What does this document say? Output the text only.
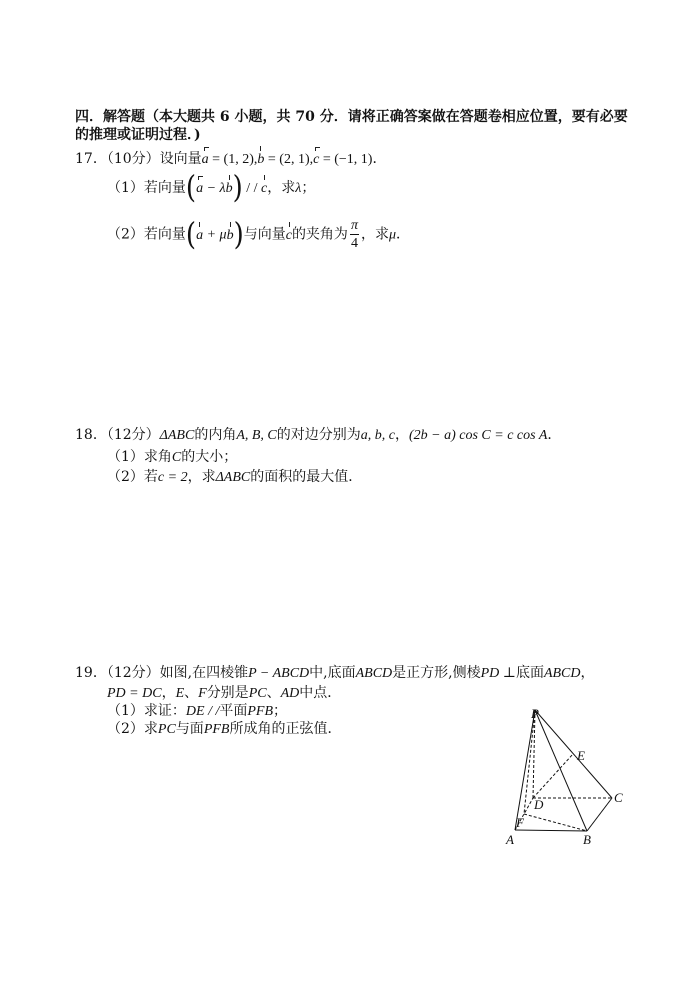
四．解答题（本大题共 6 小题，共 70 分．请将正确答案做在答题卷相应位置，要有必要
的推理或证明过程．)
17．（10分）设向量a = (1, 2),b = (2, 1),c = (−1, 1)．
（1）若向量(a − λb) / / c，求λ；
（2）若向量(a + μb)与向量c的夹角为 $\frac{\pi}{4}$ ，求μ．
18．（12分）ΔABC的内角A, B, C的对边分别为a, b, c，(2b − a) cos C = c cos A．
（1）求角C的大小；
（2）若c = 2，求ΔABC的面积的最大值．
19．（12分）如图,在四棱锥P − ABCD中,底面ABCD是正方形,侧棱PD ⊥底面ABCD，
PD = DC，E、F分别是PC、AD中点．
（1）求证：DE / /平面PFB；
（2）求PC与面PFB所成角的正弦值．
P
E
C
D
F
A	B
